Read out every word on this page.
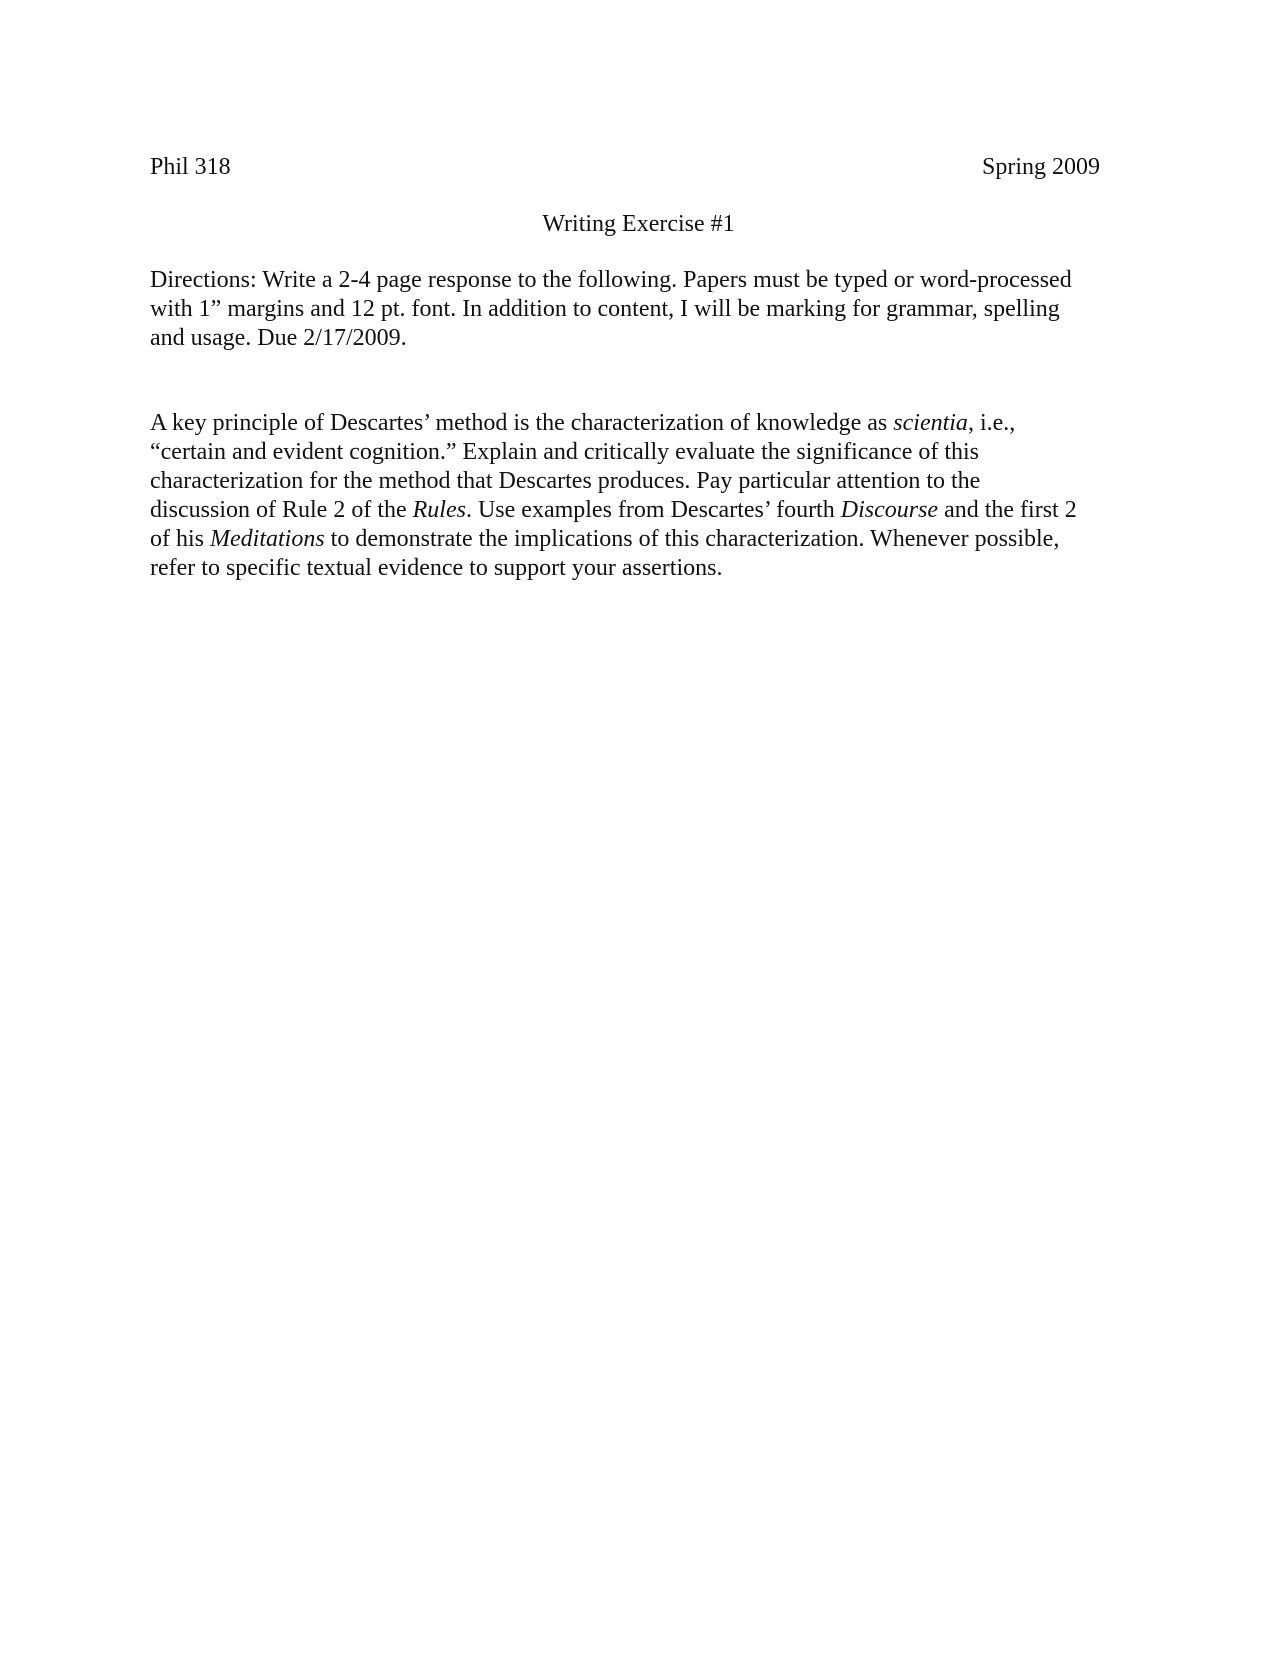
Phil 318	Spring 2009
Writing Exercise #1
Directions: Write a 2-4 page response to the following. Papers must be typed or word-processed
with 1” margins and 12 pt. font. In addition to content, I will be marking for grammar, spelling
and usage. Due 2/17/2009.
A key principle of Descartes’ method is the characterization of knowledge as scientia, i.e.,
“certain and evident cognition.” Explain and critically evaluate the significance of this
characterization for the method that Descartes produces. Pay particular attention to the
discussion of Rule 2 of the Rules. Use examples from Descartes’ fourth Discourse and the first 2
of his Meditations to demonstrate the implications of this characterization. Whenever possible,
refer to specific textual evidence to support your assertions.
